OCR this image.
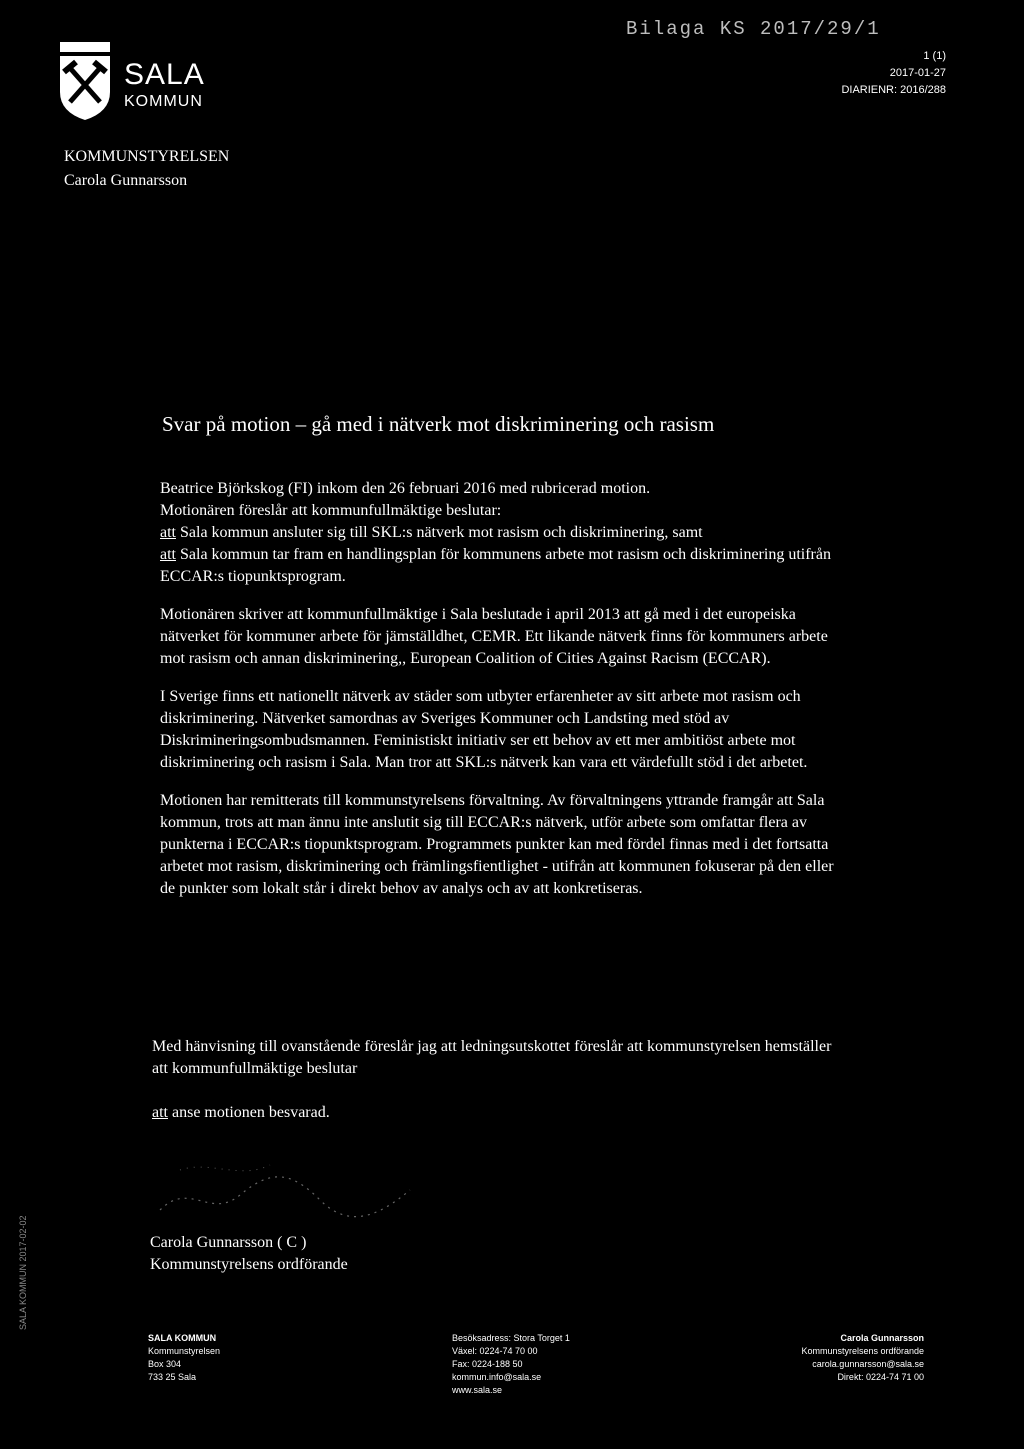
Bilaga KS 2017/29/1
SALA
KOMMUN
1 (1)
2017-01-27
DIARIENR: 2016/288
KOMMUNSTYRELSEN
Carola Gunnarsson
Svar på motion – gå med i nätverk mot diskriminering och rasism

Beatrice Björkskog (FI) inkom den 26 februari 2016 med rubricerad motion.
Motionären föreslår att kommunfullmäktige beslutar:
att Sala kommun ansluter sig till SKL:s nätverk mot rasism och diskriminering, samt
att Sala kommun tar fram en handlingsplan för kommunens arbete mot rasism och diskriminering utifrån ECCAR:s tiopunktsprogram.

Motionären skriver att kommunfullmäktige i Sala beslutade i april 2013 att gå med i det europeiska nätverket för kommuner arbete för jämställdhet, CEMR. Ett likande nätverk finns för kommuners arbete mot rasism och annan diskriminering,, European Coalition of Cities Against Racism (ECCAR).

I Sverige finns ett nationellt nätverk av städer som utbyter erfarenheter av sitt arbete mot rasism och diskriminering. Nätverket samordnas av Sveriges Kommuner och Landsting med stöd av Diskrimineringsombudsmannen. Feministiskt initiativ ser ett behov av ett mer ambitiöst arbete mot diskriminering och rasism i Sala. Man tror att SKL:s nätverk kan vara ett värdefullt stöd i det arbetet.

Motionen har remitterats till kommunstyrelsens förvaltning. Av förvaltningens yttrande framgår att Sala kommun, trots att man ännu inte anslutit sig till ECCAR:s nätverk, utför arbete som omfattar flera av punkterna i ECCAR:s tiopunktsprogram. Programmets punkter kan med fördel finnas med i det fortsatta arbetet mot rasism, diskriminering och främlingsfientlighet - utifrån att kommunen fokuserar på den eller de punkter som lokalt står i direkt behov av analys och av att konkretiseras.

Med hänvisning till ovanstående föreslår jag att ledningsutskottet föreslår att kommunstyrelsen hemställer att kommunfullmäktige beslutar

att anse motionen besvarad.

Carola Gunnarsson ( C )
Kommunstyrelsens ordförande
SALA KOMMUN 2017-02-02
SALA KOMMUN
Kommunstyrelsen
Box 304
733 25 Sala
Besöksadress: Stora Torget 1
Växel: 0224-74 70 00
Fax: 0224-188 50
kommun.info@sala.se
www.sala.se
Carola Gunnarsson
Kommunstyrelsens ordförande
carola.gunnarsson@sala.se
Direkt: 0224-74 71 00
